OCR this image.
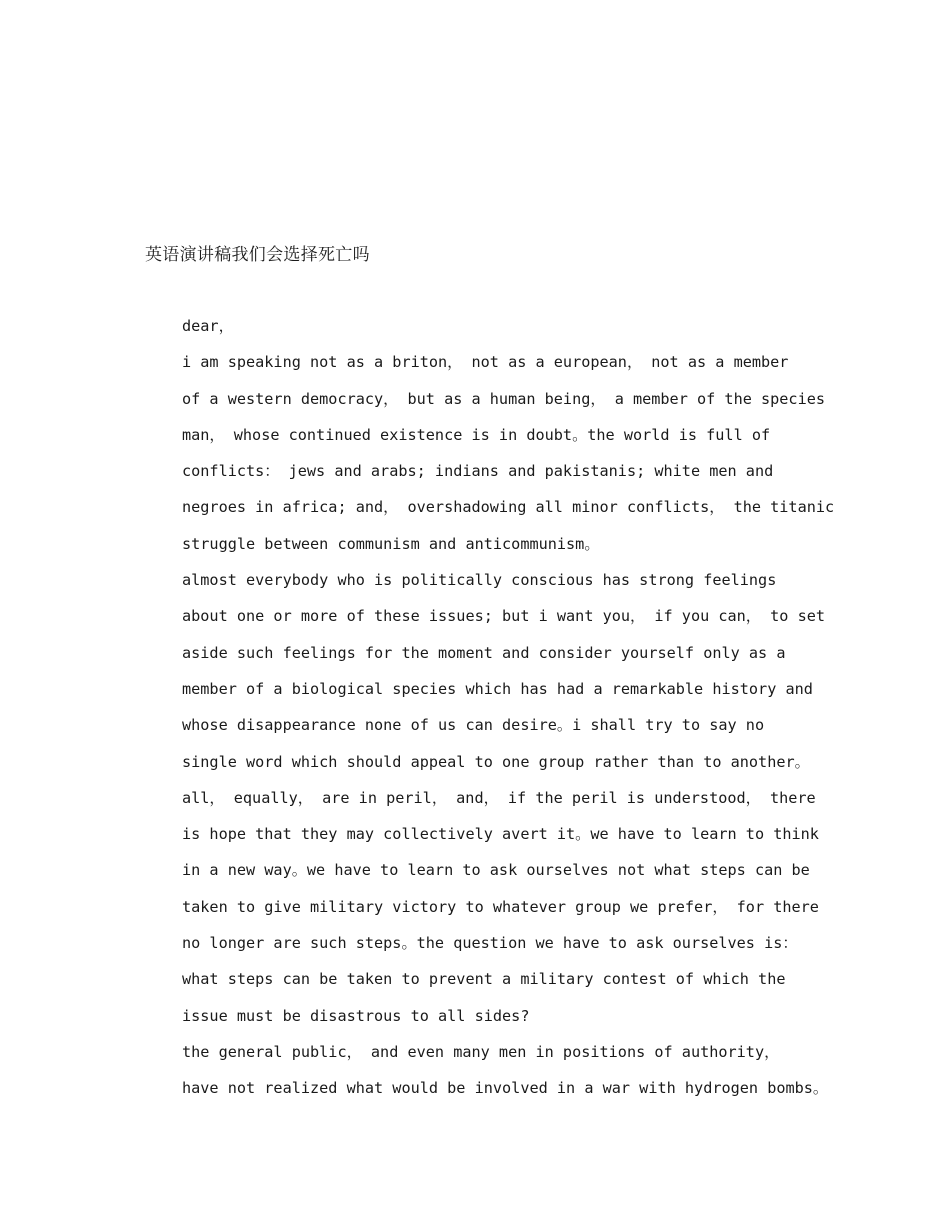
英语演讲稿我们会选择死亡吗

dear，

i am speaking not as a briton， not as a european， not as a member
of a western democracy， but as a human being， a member of the species
man， whose continued existence is in doubt。the world is full of
conflicts： jews and arabs; indians and pakistanis; white men and
negroes in africa; and， overshadowing all minor conflicts， the titanic
struggle between communism and anticommunism。

almost everybody who is politically conscious has strong feelings
about one or more of these issues; but i want you， if you can， to set
aside such feelings for the moment and consider yourself only as a
member of a biological species which has had a remarkable history and
whose disappearance none of us can desire。i shall try to say no
single word which should appeal to one group rather than to another。
all， equally， are in peril， and， if the peril is understood， there
is hope that they may collectively avert it。we have to learn to think
in a new way。we have to learn to ask ourselves not what steps can be
taken to give military victory to whatever group we prefer， for there
no longer are such steps。the question we have to ask ourselves is：
what steps can be taken to prevent a military contest of which the
issue must be disastrous to all sides?

the general public， and even many men in positions of authority，
have not realized what would be involved in a war with hydrogen bombs。
